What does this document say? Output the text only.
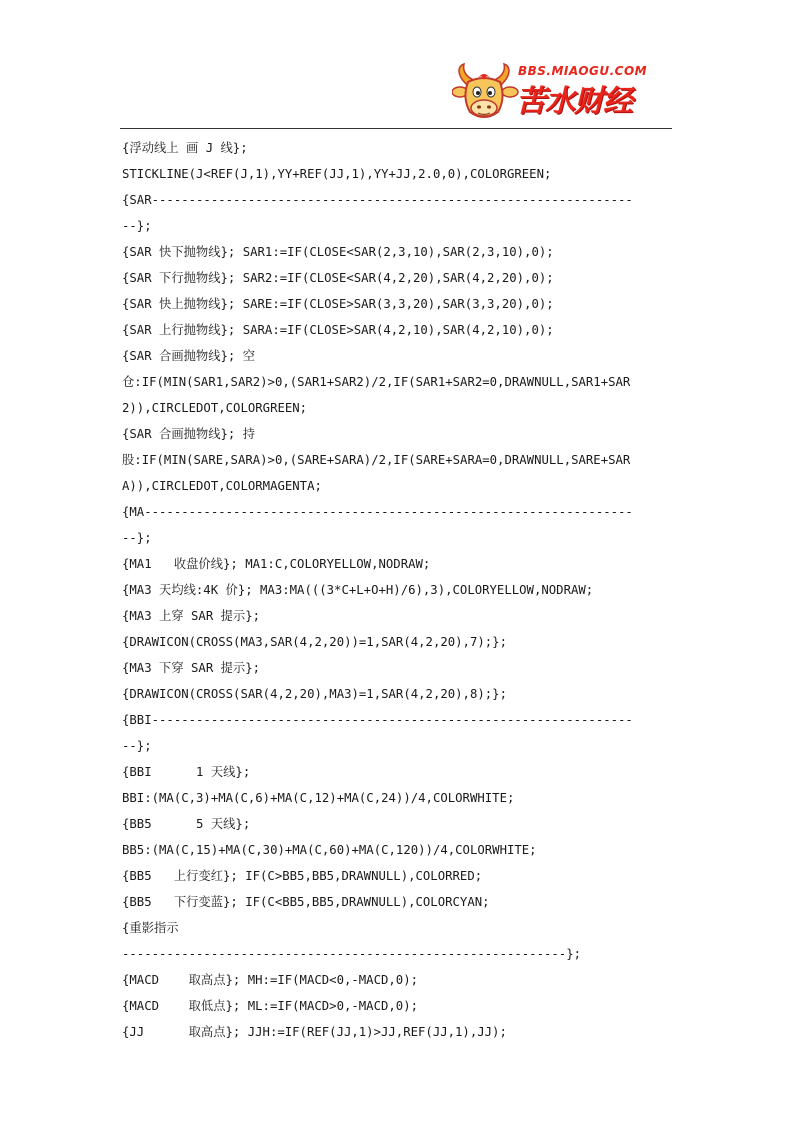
BBS.MIAOGU.COM
苦水财经
{浮动线上 画 J 线};
STICKLINE(J<REF(J,1),YY+REF(JJ,1),YY+JJ,2.0,0),COLORGREEN;
{SAR-----------------------------------------------------------------
--};
{SAR 快下抛物线}; SAR1:=IF(CLOSE<SAR(2,3,10),SAR(2,3,10),0);
{SAR 下行抛物线}; SAR2:=IF(CLOSE<SAR(4,2,20),SAR(4,2,20),0);
{SAR 快上抛物线}; SARE:=IF(CLOSE>SAR(3,3,20),SAR(3,3,20),0);
{SAR 上行抛物线}; SARA:=IF(CLOSE>SAR(4,2,10),SAR(4,2,10),0);
{SAR 合画抛物线}; 空
仓:IF(MIN(SAR1,SAR2)>0,(SAR1+SAR2)/2,IF(SAR1+SAR2=0,DRAWNULL,SAR1+SAR
2)),CIRCLEDOT,COLORGREEN;
{SAR 合画抛物线}; 持
股:IF(MIN(SARE,SARA)>0,(SARE+SARA)/2,IF(SARE+SARA=0,DRAWNULL,SARE+SAR
A)),CIRCLEDOT,COLORMAGENTA;
{MA------------------------------------------------------------------
--};
{MA1   收盘价线}; MA1:C,COLORYELLOW,NODRAW;
{MA3 天均线:4K 价}; MA3:MA(((3*C+L+O+H)/6),3),COLORYELLOW,NODRAW;
{MA3 上穿 SAR 提示};
{DRAWICON(CROSS(MA3,SAR(4,2,20))=1,SAR(4,2,20),7);};
{MA3 下穿 SAR 提示};
{DRAWICON(CROSS(SAR(4,2,20),MA3)=1,SAR(4,2,20),8);};
{BBI-----------------------------------------------------------------
--};
{BBI      1 天线};
BBI:(MA(C,3)+MA(C,6)+MA(C,12)+MA(C,24))/4,COLORWHITE;
{BB5      5 天线};
BB5:(MA(C,15)+MA(C,30)+MA(C,60)+MA(C,120))/4,COLORWHITE;
{BB5   上行变红}; IF(C>BB5,BB5,DRAWNULL),COLORRED;
{BB5   下行变蓝}; IF(C<BB5,BB5,DRAWNULL),COLORCYAN;
{重影指示
------------------------------------------------------------};
{MACD    取高点}; MH:=IF(MACD<0,-MACD,0);
{MACD    取低点}; ML:=IF(MACD>0,-MACD,0);
{JJ      取高点}; JJH:=IF(REF(JJ,1)>JJ,REF(JJ,1),JJ);
